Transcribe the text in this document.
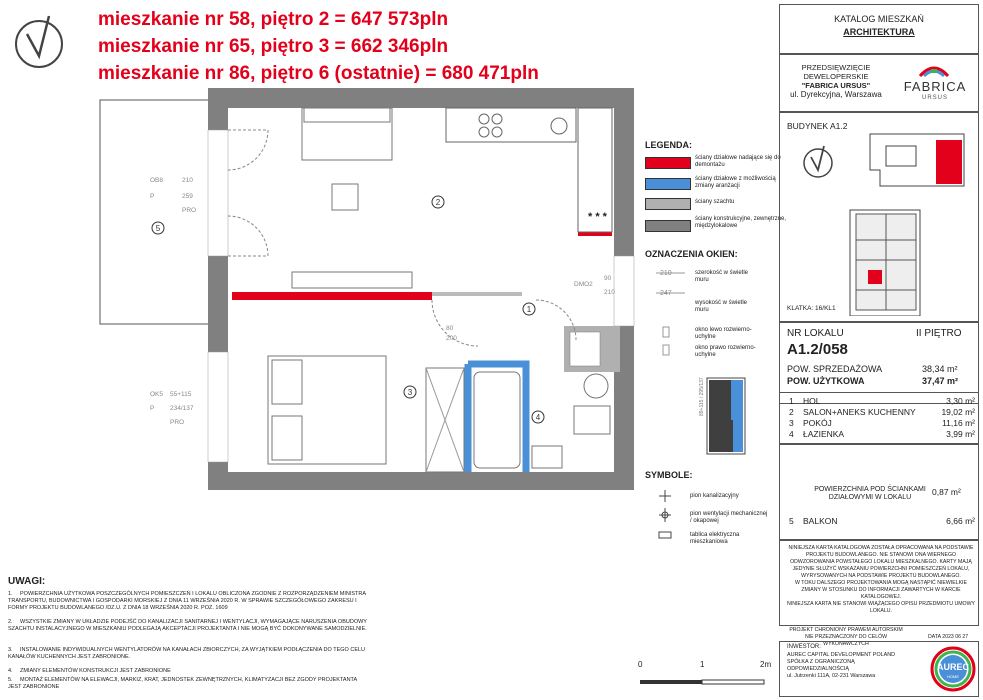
mieszkanie nr 58, piętro 2 = 647 573pln
mieszkanie nr 65, piętro 3 = 662 346pln
mieszkanie nr 86, piętro 6 (ostatnie) = 680 471pln
* * *
1
2
3
4
5
OB8	210
P	259
PRO
OK5 55+115
P 234/137
PRO
DMO2
90
210
80
200
89+115 / 295/137
LEGENDA:
ściany działowe nadające się do demontażu
ściany działowe z możliwością zmiany aranżacji
ściany szachtu
ściany konstrukcyjne, zewnętrzne, międzylokalowe
OZNACZENIA OKIEN:
210
247
szerokość w świetle muru
wysokość w świetle muru
okno lewo rozwierno-uchylne
okno prawo rozwierno-uchylne
SYMBOLE:
pion kanalizacyjny
pion wentylacji mechanicznej / okapowej
tablica elektryczna mieszkaniowa
0	1	2m
UWAGI:
1. POWIERZCHNIA UŻYTKOWA POSZCZEGÓLNYCH POMIESZCZEŃ I LOKALU OBLICZONA ZGODNIE Z ROZPORZĄDZENIEM MINISTRA TRANSPORTU, BUDOWNICTWA I GOSPODARKI MORSKIEJ Z DNIA 11 WRZEŚNIA 2020 R. W SPRAWIE SZCZEGÓŁOWEGO ZAKRESU I FORMY PROJEKTU BUDOWLANEGO /DZ.U. Z DNIA 18 WRZEŚNIA 2020 R. POZ. 1609
2. WSZYSTKIE ZMIANY W UKŁADZIE PODEJŚĆ DO KANALIZACJI SANITARNEJ I WENTYLACJI, WYMAGAJĄCE NARUSZENIA OBUDOWY SZACHTU INSTALACYJNEGO W MIESZKANIU PODLEGAJĄ AKCEPTACJI PROJEKTANTA I NIE MOGĄ BYĆ DOKONYWANE SAMODZIELNIE.
3. INSTALOWANIE INDYWIDUALNYCH WENTYLATORÓW NA KANAŁACH ZBIORCZYCH, ZA WYJĄTKIEM PODŁĄCZENIA DO TEGO CELU KANAŁÓW KUCHENNYCH JEST ZABRONIONE.
4. ZMIANY ELEMENTÓW KONSTRUKCJI JEST ZABRONIONE
5. MONTAŻ ELEMENTÓW NA ELEWACJI, MARKIZ, KRAT, JEDNOSTEK ZEWNĘTRZNYCH, KLIMATYZACJI BEZ ZGODY PROJEKTANTA JEST ZABRONIONE
KATALOG MIESZKAŃ
ARCHITEKTURA
PRZEDSIĘWZIĘCIE
DEWELOPERSKIE
"FABRICA URSUS"
ul. Dyrekcyjna, Warszawa
FABRICA
URSUS
BUDYNEK A1.2
KLATKA: 16/KL1
NR LOKALU	II PIĘTRO
A1.2/058
POW. SPRZEDAŻOWA	38,34 m²
POW. UŻYTKOWA	37,47 m²
1	HOL	3,30 m²
2	SALON+ANEKS KUCHENNY	19,02 m²
3	POKÓJ	11,16 m²
4	ŁAZIENKA	3,99 m²
POWIERZCHNIA POD ŚCIANKAMI DZIAŁOWYMI W LOKALU
0,87 m²
5	BALKON	6,66 m²
NINIEJSZA KARTA KATALOGOWA ZOSTAŁA OPRACOWANA NA PODSTAWIE PROJEKTU BUDOWLANEGO. NIE STANOWI ONA WIERNEGO ODWZOROWANIA POWSTAŁEGO LOKALU MIESZKALNEGO. KARTY MAJĄ JEDYNIE SŁUŻYĆ WSKAZANIU POWIERZCHNI POMIESZCZEŃ LOKALU, WYRYSOWANYCH NA PODSTAWIE PROJEKTU BUDOWLANEGO.
W TOKU DALSZEGO PROJEKTOWANIA MOGĄ NASTĄPIĆ NIEWIELKIE ZMIANY W STOSUNKU DO INFORMACJI ZAWARTYCH W KARCIE KATALOGOWEJ.
NINIEJSZA KARTA NIE STANOWI WIĄŻĄCEGO OPISU PRZEDMIOTU UMOWY LOKALU.
PROJEKT CHRONIONY PRAWEM AUTORSKIM
NIE PRZEZNACZONY DO CELÓW WYKONAWCZYCH
DATA 2023 06 27
INWESTOR:
AUREC CAPITAL DEVELOPMENT POLAND
SPÓŁKA Z OGRANICZONĄ ODPOWIEDZIALNOŚCIĄ
ul. Jutrzenki 111A, 02-231 Warszawa
AUREC
HOME
